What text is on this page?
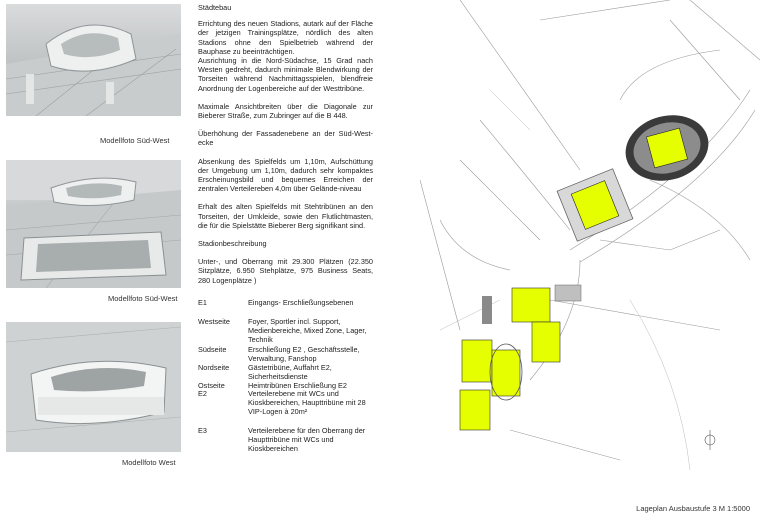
Modellfoto Süd-West
Modellfoto Süd-West
Modellfoto West

Städtebau

Errichtung des neuen Stadions, autark auf der Fläche der jetzigen Trainingsplätze, nördlich des alten Stadions ohne den Spielbetrieb während der Bauphase zu beeinträchtigen.

Ausrichtung in die Nord-Südachse, 15 Grad nach Westen gedreht, dadurch minimale Blendwirkung der Torseiten während Nachmittagsspielen, blendfreie Anordnung der Logenbereiche auf der Westtribüne.

Maximale Ansichtbreiten über die Diagonale zur Bieberer Straße, zum Zubringer auf die B 448.

Überhöhung der Fassadenebene an der Süd-West-ecke

Absenkung des Spielfelds um 1,10m, Aufschüttung der Umgebung um 1,10m, dadurch sehr kompaktes Erscheinungsbild und bequemes Erreichen der zentralen Verteilereben 4,0m über Gelände-niveau

Erhalt des alten Spielfelds mit Stehtribünen an den Torseiten, der Umkleide, sowie den Flutlichtmasten, die für die Spielstätte Bieberer Berg signifikant sind.

Stadionbeschreibung

Unter-, und Oberrang mit 29.300 Plätzen (22.350 Sitzplätze, 6.950 Stehplätze, 975 Business Seats, 280 Logenplätze )

E1	Eingangs- Erschließungsebenen
Westseite	Foyer, Sportler incl. Support, Medienbereiche, Mixed Zone, Lager, Technik
Südseite	Erschließung E2 , Geschäftsstelle, Verwaltung, Fanshop
Nordseite	Gästetribüne, Auffahrt E2, Sicherheitsdienste
Ostseite	Heimtribünen Erschließung E2
E2	Verteilerebene mit WCs und Kioskbereichen, Haupttribüne mit 28 VIP-Logen à 20m²
E3	Verteilerebene für den Oberrang der Haupttribüne mit WCs und Kioskbereichen
Lageplan Ausbaustufe 3 M 1:5000
